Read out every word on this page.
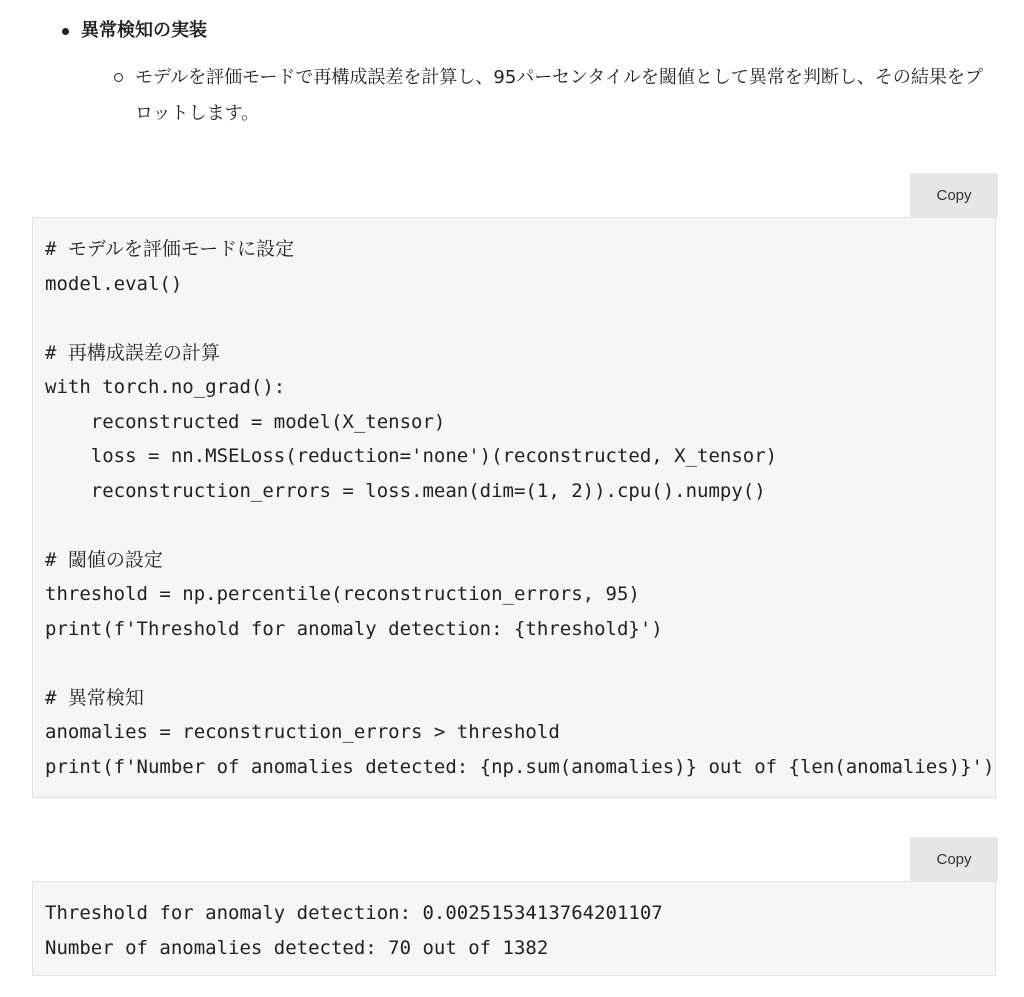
異常検知の実装
モデルを評価モードで再構成誤差を計算し、95パーセンタイルを閾値として異常を判断し、その結果をプロットします。
Copy
# モデルを評価モードに設定
model.eval()
# 再構成誤差の計算
with torch.no_grad():
reconstructed = model(X_tensor)
loss = nn.MSELoss(reduction='none')(reconstructed, X_tensor)
reconstruction_errors = loss.mean(dim=(1, 2)).cpu().numpy()
# 閾値の設定
threshold = np.percentile(reconstruction_errors, 95)
print(f'Threshold for anomaly detection: {threshold}')
# 異常検知
anomalies = reconstruction_errors > threshold
print(f'Number of anomalies detected: {np.sum(anomalies)} out of {len(anomalies)}')
Copy
Threshold for anomaly detection: 0.0025153413764201107
Number of anomalies detected: 70 out of 1382
